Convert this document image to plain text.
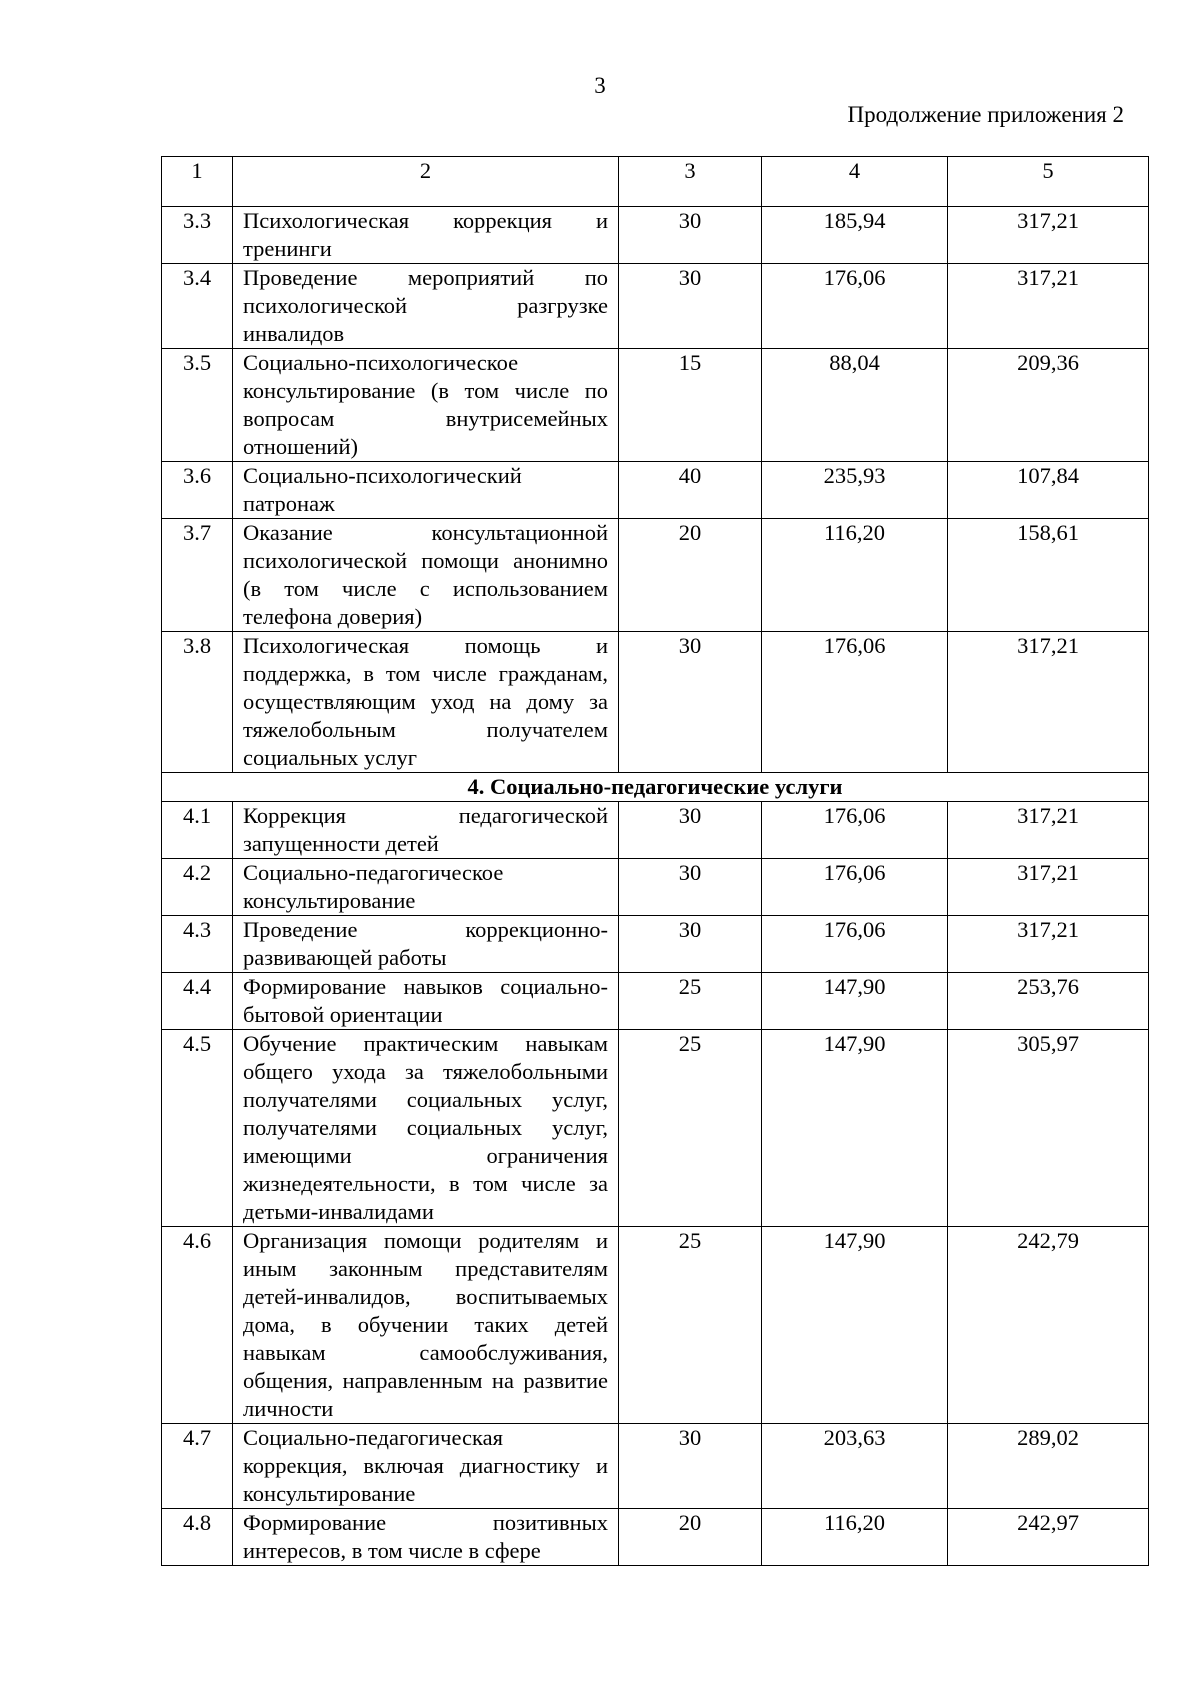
3
Продолжение приложения 2
1	2	3	4	5
3.3	Психологическая коррекция и тренинги	30	185,94	317,21
3.4	Проведение мероприятий по психологической разгрузке инвалидов	30	176,06	317,21
3.5	Социально-психологическое консультирование (в том числе по вопросам внутрисемейных отношений)	15	88,04	209,36
3.6	Социально-психологический патронаж	40	235,93	107,84
3.7	Оказание консультационной психологической помощи анонимно (в том числе с использованием телефона доверия)	20	116,20	158,61
3.8	Психологическая помощь и поддержка, в том числе гражданам, осуществляющим уход на дому за тяжелобольным получателем социальных услуг	30	176,06	317,21
4. Социально-педагогические услуги				
4.1	Коррекция педагогической запущенности детей	30	176,06	317,21
4.2	Социально-педагогическое консультирование	30	176,06	317,21
4.3	Проведение коррекционно-развивающей работы	30	176,06	317,21
4.4	Формирование навыков социально-бытовой ориентации	25	147,90	253,76
4.5	Обучение практическим навыкам общего ухода за тяжелобольными получателями социальных услуг, получателями социальных услуг, имеющими ограничения жизнедеятельности, в том числе за детьми-инвалидами	25	147,90	305,97
4.6	Организация помощи родителям и иным законным представителям детей-инвалидов, воспитываемых дома, в обучении таких детей навыкам самообслуживания, общения, направленным на развитие личности	25	147,90	242,79
4.7	Социально-педагогическая коррекция, включая диагностику и консультирование	30	203,63	289,02
4.8	Формирование позитивных интересов, в том числе в сфере	20	116,20	242,97
